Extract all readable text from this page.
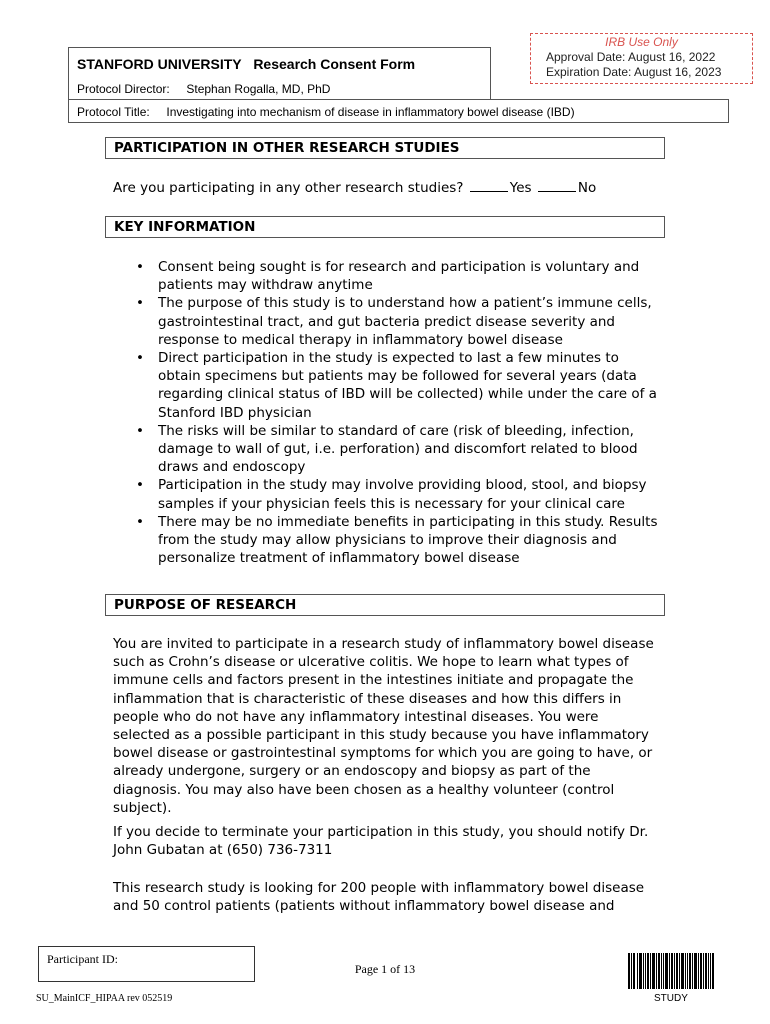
IRB Use Only
Approval Date: August 16, 2022
Expiration Date: August 16, 2023
STANFORD UNIVERSITY Research Consent Form
Protocol Director: Stephan Rogalla, MD, PhD
Protocol Title: Investigating into mechanism of disease in inflammatory bowel disease (IBD)
PARTICIPATION IN OTHER RESEARCH STUDIES
Are you participating in any other research studies?	Yes	No
KEY INFORMATION
• Consent being sought is for research and participation is voluntary and patients may withdraw anytime
• The purpose of this study is to understand how a patient’s immune cells, gastrointestinal tract, and gut bacteria predict disease severity and response to medical therapy in inflammatory bowel disease
• Direct participation in the study is expected to last a few minutes to obtain specimens but patients may be followed for several years (data regarding clinical status of IBD will be collected) while under the care of a Stanford IBD physician
• The risks will be similar to standard of care (risk of bleeding, infection, damage to wall of gut, i.e. perforation) and discomfort related to blood draws and endoscopy
• Participation in the study may involve providing blood, stool, and biopsy samples if your physician feels this is necessary for your clinical care
• There may be no immediate benefits in participating in this study. Results from the study may allow physicians to improve their diagnosis and personalize treatment of inflammatory bowel disease
PURPOSE OF RESEARCH
You are invited to participate in a research study of inflammatory bowel disease such as Crohn’s disease or ulcerative colitis. We hope to learn what types of immune cells and factors present in the intestines initiate and propagate the inflammation that is characteristic of these diseases and how this differs in people who do not have any inflammatory intestinal diseases. You were selected as a possible participant in this study because you have inflammatory bowel disease or gastrointestinal symptoms for which you are going to have, or already undergone, surgery or an endoscopy and biopsy as part of the diagnosis. You may also have been chosen as a healthy volunteer (control subject).
If you decide to terminate your participation in this study, you should notify Dr. John Gubatan at (650) 736-7311
This research study is looking for 200 people with inflammatory bowel disease and 50 control patients (patients without inflammatory bowel disease and
Participant ID:
Page 1 of 13
SU_MainICF_HIPAA rev 052519	STUDY
